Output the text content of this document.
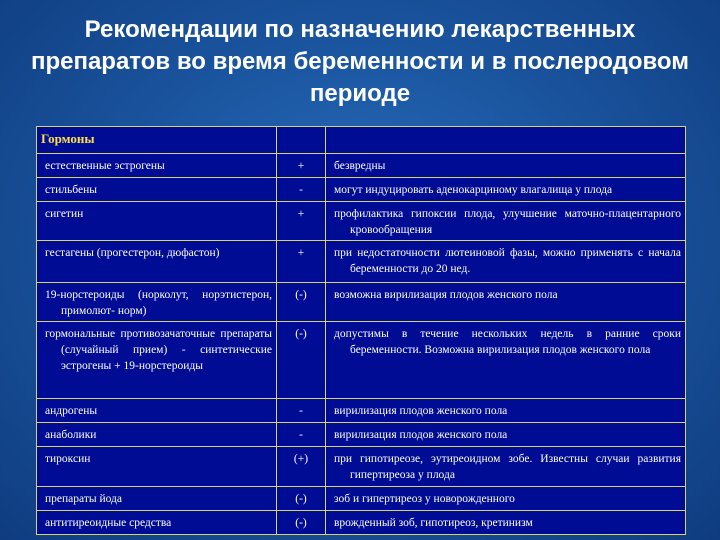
Рекомендации по назначению лекарственных препаратов во время беременности и в послеродовом периоде
Гормоны		

естественные эстрогены	+	безвредны

стильбены	-	могут индуцировать аденокарциному влагалища у плода

сигетин	+	профилактика гипоксии плода, улучшение маточно-плацентарного кровообращения

гестагены (прогестерон, дюфастон)	+	при недостаточности лютеиновой фазы, можно применять с начала беременности до 20 нед.

19-норстероиды (норколут, норэтистерон, примолют- норм)	(-)	возможна вирилизация плодов женского пола

гормональные противозачаточные препараты (случайный прием) - синтетические эстрогены + 19-норстероиды	(-)	допустимы в течение нескольких недель в ранние сроки беременности. Возможна вирилизация плодов женского пола

андрогены	-	вирилизация плодов женского пола

анаболики	-	вирилизация плодов женского пола

тироксин	(+)	при гипотиреозе, эутиреоидном зобе. Известны случаи развития гипертиреоза у плода

препараты йода	(-)	зоб и гипертиреоз у новорожденного

антитиреоидные средства	(-)	врожденный зоб, гипотиреоз, кретинизм
